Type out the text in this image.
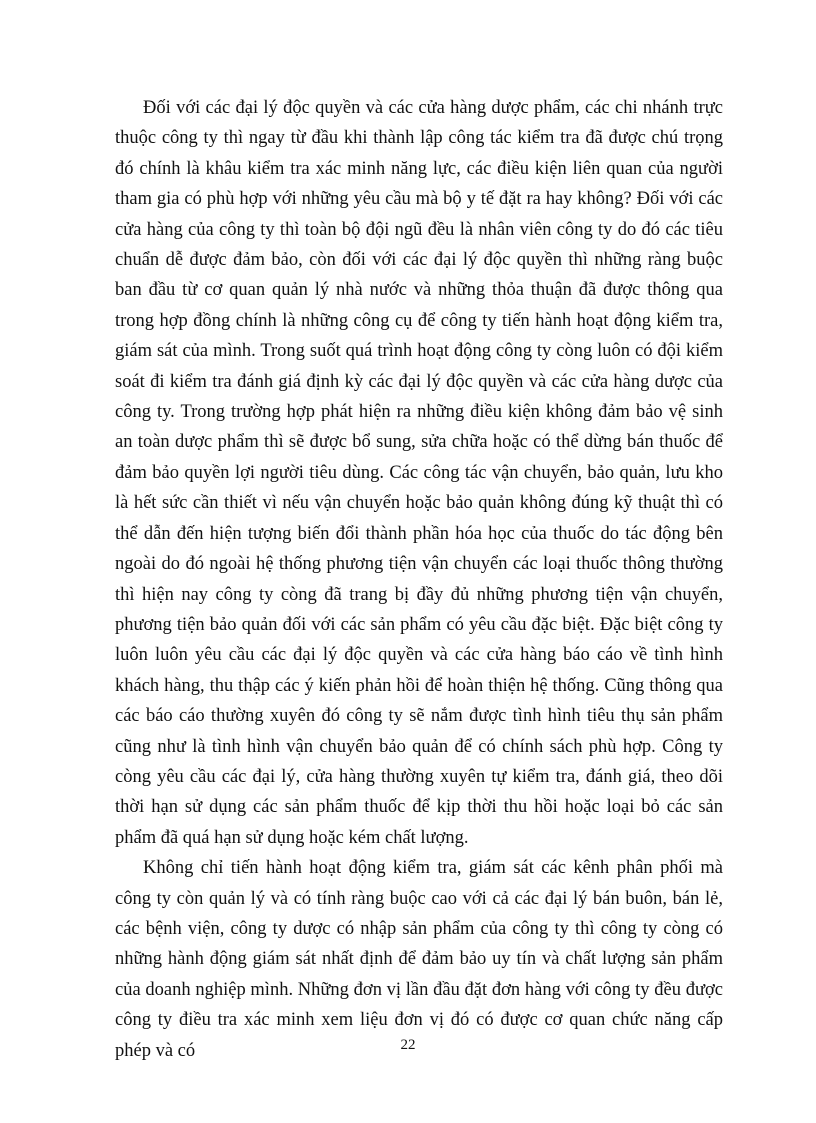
Đối với các đại lý độc quyền và các cửa hàng dược phẩm, các chi nhánh trực thuộc công ty thì ngay từ đầu khi thành lập công tác kiểm tra đã được chú trọng đó chính là khâu kiểm tra xác minh năng lực, các điều kiện liên quan của người tham gia có phù hợp với những yêu cầu mà bộ y tế đặt ra hay không? Đối với các cửa hàng của công ty thì toàn bộ đội ngũ đều là nhân viên công ty do đó các tiêu chuẩn dễ được đảm bảo, còn đối với các đại lý độc quyền thì những ràng buộc ban đầu từ cơ quan quản lý nhà nước và những thỏa thuận đã được thông qua trong hợp đồng chính là những công cụ để công ty tiến hành hoạt động kiểm tra, giám sát của mình. Trong suốt quá trình hoạt động công ty còng luôn có đội kiểm soát đi kiểm tra đánh giá định kỳ các đại lý độc quyền và các cửa hàng dược của công ty. Trong trường hợp phát hiện ra những điều kiện không đảm bảo vệ sinh an toàn dược phẩm thì sẽ được bổ sung, sửa chữa hoặc có thể dừng bán thuốc để đảm bảo quyền lợi người tiêu dùng. Các công tác vận chuyển, bảo quản, lưu kho là hết sức cần thiết vì nếu vận chuyển hoặc bảo quản không đúng kỹ thuật thì có thể dẫn đến hiện tượng biến đổi thành phần hóa học của thuốc do tác động bên ngoài do đó ngoài hệ thống phương tiện vận chuyển các loại thuốc thông thường thì hiện nay công ty còng đã trang bị đầy đủ những phương tiện vận chuyển, phương tiện bảo quản đối với các sản phẩm có yêu cầu đặc biệt. Đặc biệt công ty luôn luôn yêu cầu các đại lý độc quyền và các cửa hàng báo cáo về tình hình khách hàng, thu thập các ý kiến phản hồi để hoàn thiện hệ thống. Cũng thông qua các báo cáo thường xuyên đó công ty sẽ nắm được tình hình tiêu thụ sản phẩm cũng như là tình hình vận chuyển bảo quản để có chính sách phù hợp. Công ty còng yêu cầu các đại lý, cửa hàng thường xuyên tự kiểm tra, đánh giá, theo dõi thời hạn sử dụng các sản phẩm thuốc để kịp thời thu hồi hoặc loại bỏ các sản phẩm đã quá hạn sử dụng hoặc kém chất lượng.

Không chỉ tiến hành hoạt động kiểm tra, giám sát các kênh phân phối mà công ty còn quản lý và có tính ràng buộc cao với cả các đại lý bán buôn, bán lẻ, các bệnh viện, công ty dược có nhập sản phẩm của công ty thì công ty còng có những hành động giám sát nhất định để đảm bảo uy tín và chất lượng sản phẩm của doanh nghiệp mình. Những đơn vị lần đầu đặt đơn hàng với công ty đều được công ty điều tra xác minh xem liệu đơn vị đó có được cơ quan chức năng cấp phép và có	22
